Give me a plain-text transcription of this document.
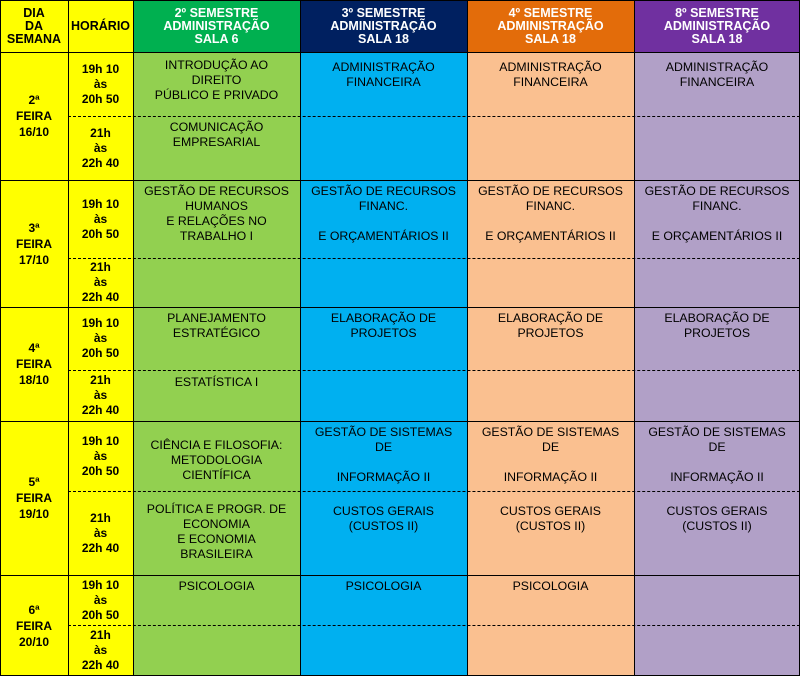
DIA
DA
SEMANA
HORÁRIO
2º SEMESTRE
ADMINISTRAÇÃO
SALA 6
3º SEMESTRE
ADMINISTRAÇÃO
SALA 18
4º SEMESTRE
ADMINISTRAÇÃO
SALA 18
8º SEMESTRE
ADMINISTRAÇÃO
SALA 18
2ª
FEIRA
16/10
19h 10
às
20h 50
INTRODUÇÃO AO
DIREITO
PÚBLICO E PRIVADO
ADMINISTRAÇÃO
FINANCEIRA
ADMINISTRAÇÃO
FINANCEIRA
ADMINISTRAÇÃO
FINANCEIRA
21h
às
22h 40
COMUNICAÇÃO
EMPRESARIAL
3ª
FEIRA
17/10
19h 10
às
20h 50
GESTÃO DE RECURSOS
HUMANOS
E RELAÇÕES NO
TRABALHO I
GESTÃO DE RECURSOS
FINANC.

E ORÇAMENTÁRIOS II
GESTÃO DE RECURSOS
FINANC.

E ORÇAMENTÁRIOS II
GESTÃO DE RECURSOS
FINANC.

E ORÇAMENTÁRIOS II
21h
às
22h 40
4ª
FEIRA
18/10
19h 10
às
20h 50
PLANEJAMENTO
ESTRATÉGICO
ELABORAÇÃO DE
PROJETOS
ELABORAÇÃO DE
PROJETOS
ELABORAÇÃO DE
PROJETOS
21h
às
22h 40
ESTATÍSTICA I
5ª
FEIRA
19/10
19h 10
às
20h 50
CIÊNCIA E FILOSOFIA:
METODOLOGIA
CIENTÍFICA
GESTÃO DE SISTEMAS
DE

INFORMAÇÃO II
GESTÃO DE SISTEMAS
DE

INFORMAÇÃO II
GESTÃO DE SISTEMAS
DE

INFORMAÇÃO II
21h
às
22h 40
POLÍTICA E PROGR. DE
ECONOMIA
E ECONOMIA
BRASILEIRA
CUSTOS GERAIS
(CUSTOS II)
CUSTOS GERAIS
(CUSTOS II)
CUSTOS GERAIS
(CUSTOS II)
6ª
FEIRA
20/10
19h 10
às
20h 50
PSICOLOGIA	PSICOLOGIA	PSICOLOGIA
21h
às
22h 40
